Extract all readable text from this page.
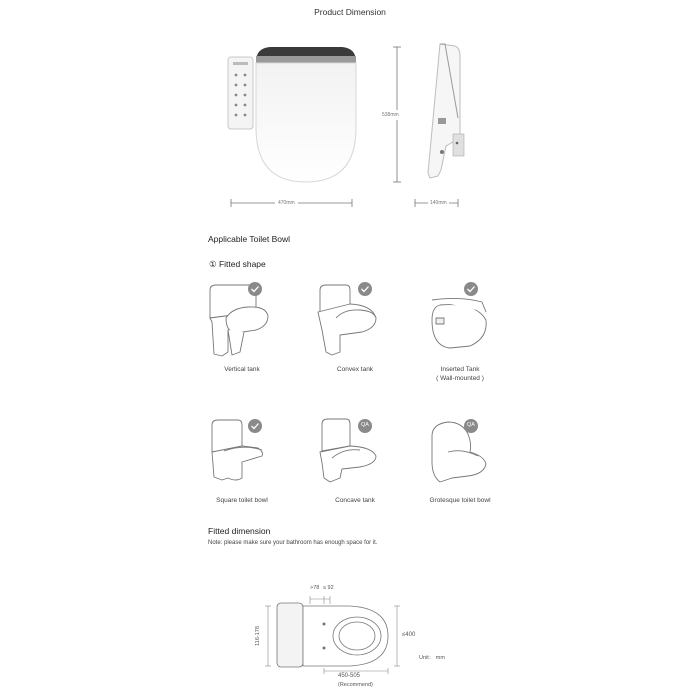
Product Dimension
470mm
538mm
140mm
Applicable Toilet Bowl
① Fitted shape
QA	QA
Vertical tank	Convex tank	Inserted Tank
( Wall-mounted )
Square toilet bowl	Concave tank	Grotesque toilet bowl
Fitted dimension
Note: please make sure your bathroom has enough space for it.
>78 ≤ 92
116-178	≤400
Unit： mm
450-505
(Recommend)
